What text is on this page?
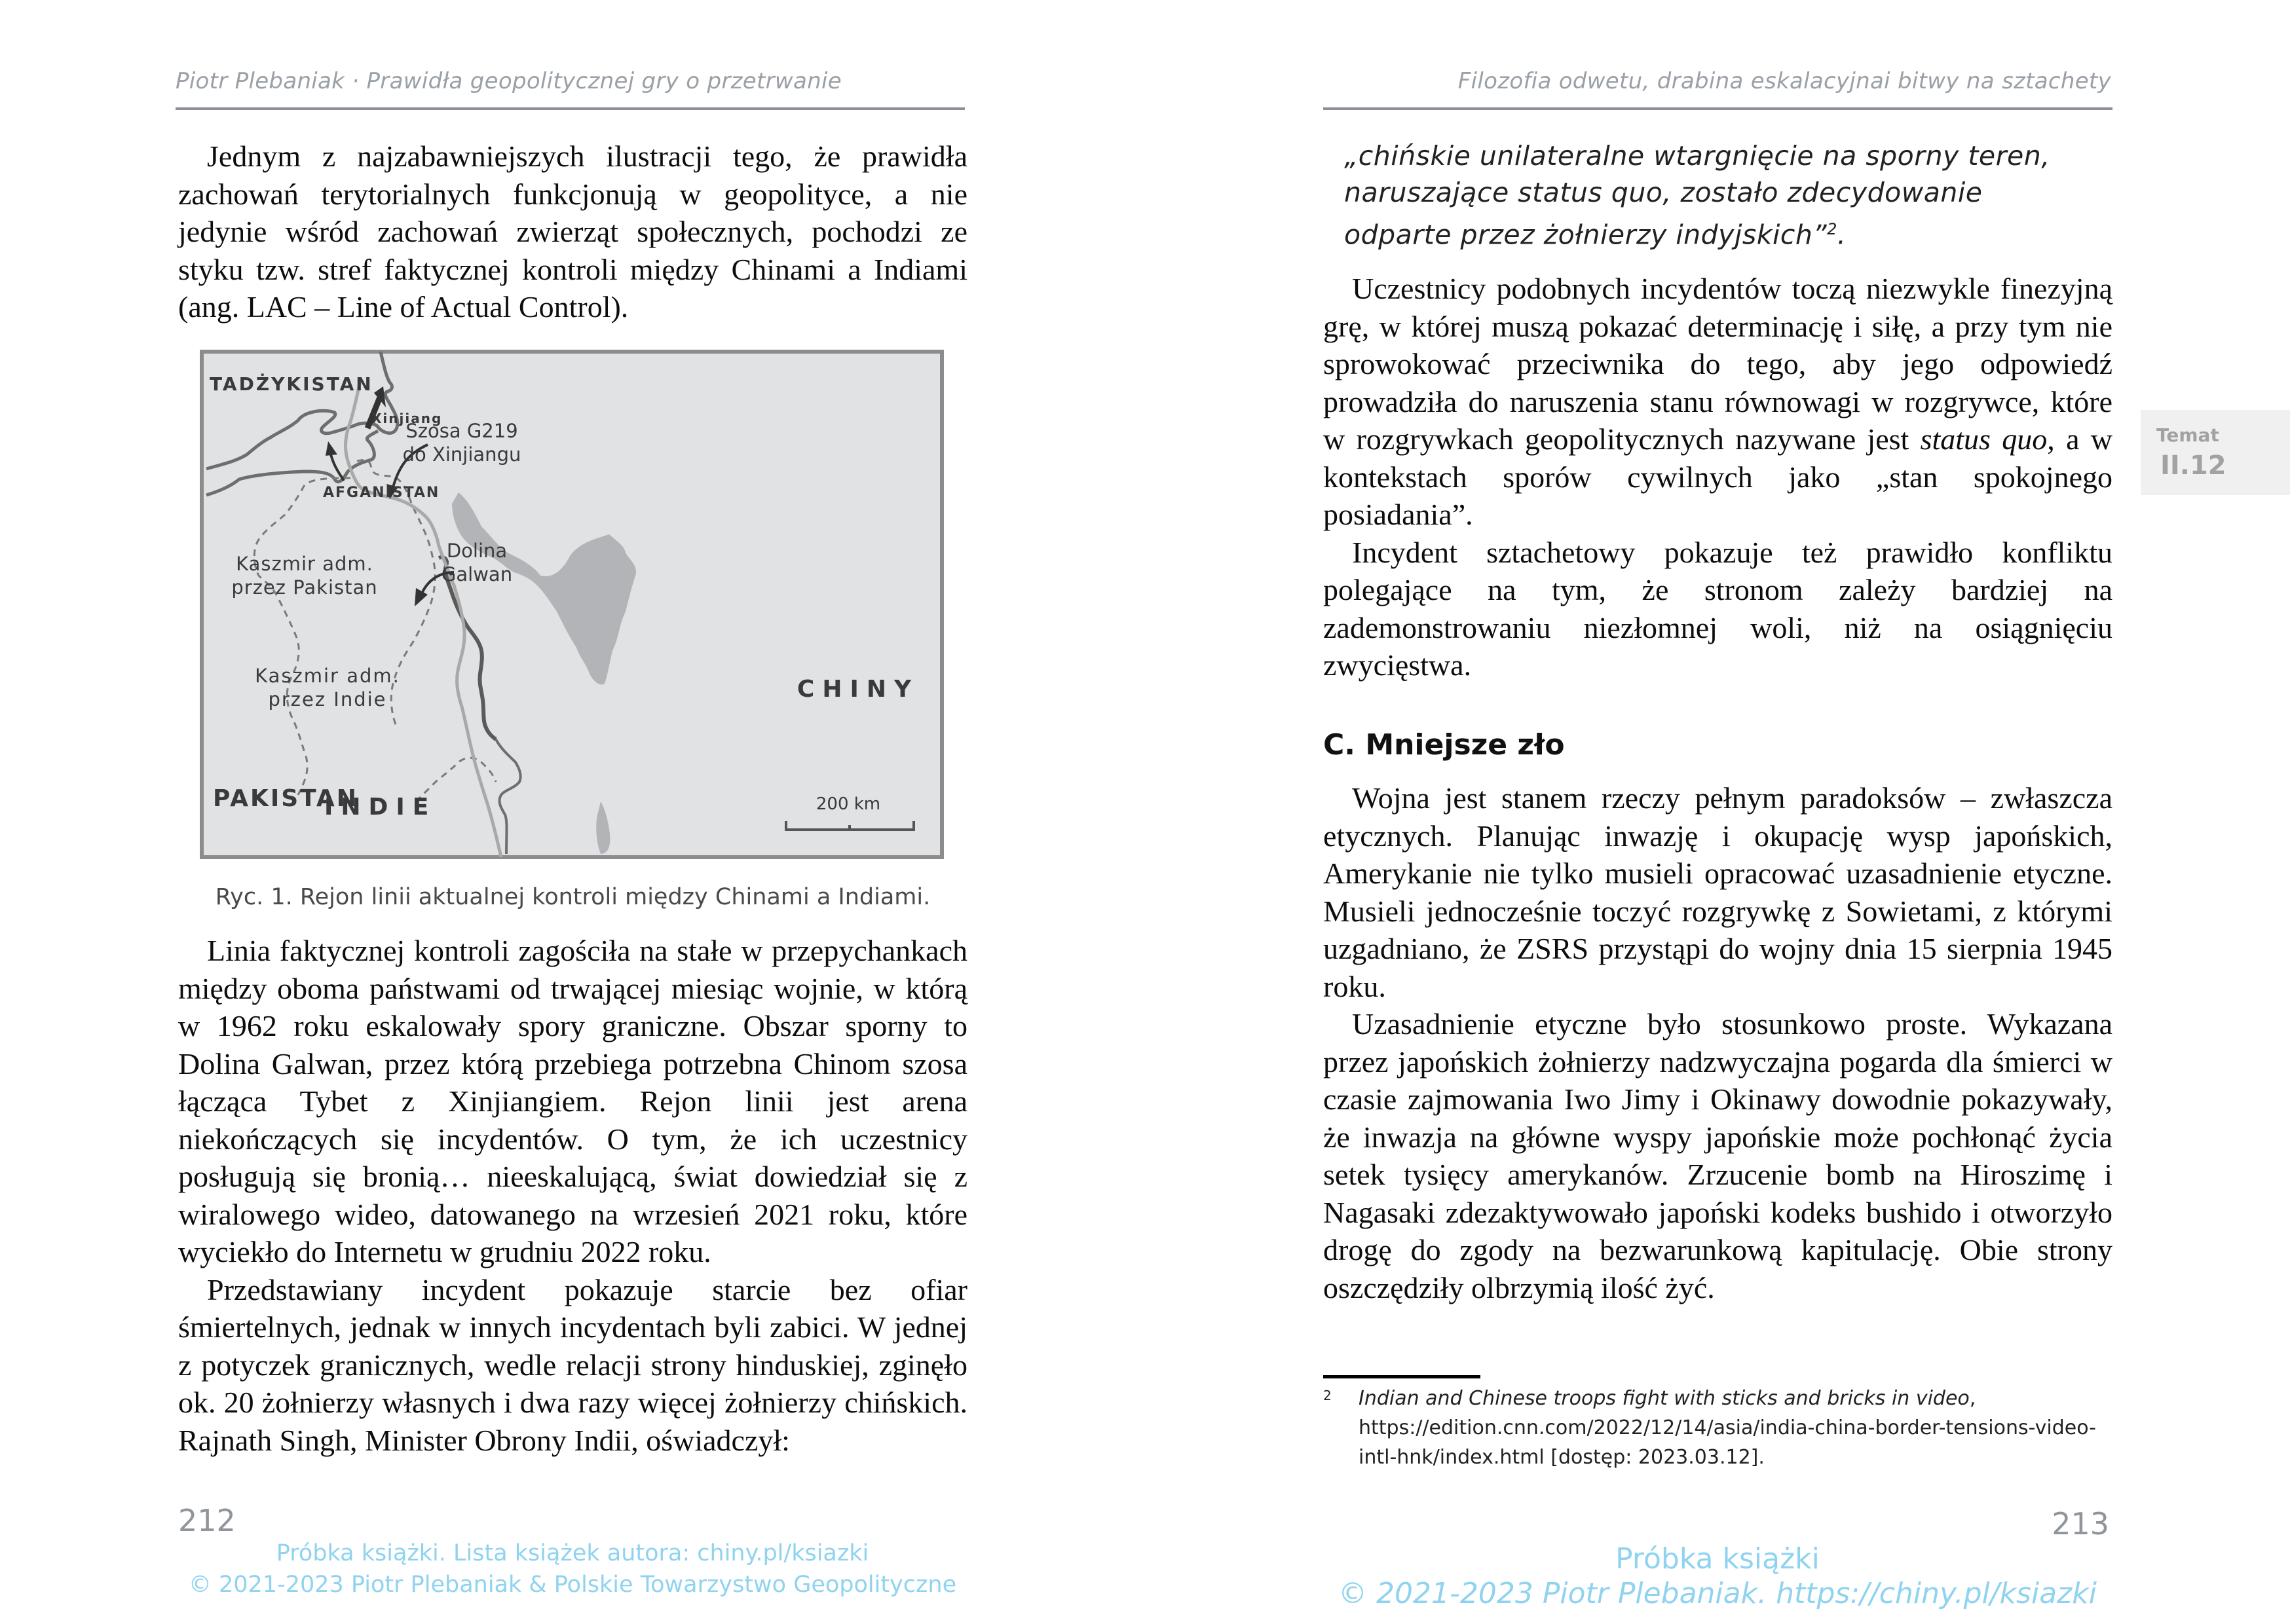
Piotr Plebaniak · Prawidła geopolitycznej gry o przetrwanie

Jednym z najzabawniejszych ilustracji tego, że prawidła zachowań terytorialnych funkcjonują w geopolityce, a nie jedynie wśród zachowań zwierząt społecznych, pochodzi ze styku tzw. stref faktycznej kontroli między Chinami a Indiami (ang. LAC – Line of Actual Control).

TADŻYKISTAN
AFGANISTAN
Xinjiang
Szosa G219
do Xinjiangu
Dolina
Galwan
Kaszmir adm.
przez Pakistan
Kaszmir adm.
przez Indie	CHINY
PAKISTAN
INDIE	200 km
Ryc. 1. Rejon linii aktualnej kontroli między Chinami a Indiami.

Linia faktycznej kontroli zagościła na stałe w przepychankach między oboma państwami od trwającej miesiąc wojnie, w którą w 1962 roku eskalowały spory graniczne. Obszar sporny to Dolina Galwan, przez którą przebiega potrzebna Chinom szosa łącząca Tybet z Xinjiangiem. Rejon linii jest arena niekończących się incydentów. O tym, że ich uczestnicy posługują się bronią… nieeskalującą, świat dowiedział się z wiralowego wideo, datowanego na wrzesień 2021 roku, które wyciekło do Internetu w grudniu 2022 roku.

Przedstawiany incydent pokazuje starcie bez ofiar śmiertelnych, jednak w innych incydentach byli zabici. W jednej z potyczek granicznych, wedle relacji strony hinduskiej, zginęło ok. 20 żołnierzy własnych i dwa razy więcej żołnierzy chińskich. Rajnath Singh, Minister Obrony Indii, oświadczył:

212
Próbka książki. Lista książek autora: chiny.pl/ksiazki
© 2021-2023 Piotr Plebaniak & Polskie Towarzystwo Geopolityczne
Filozofia odwetu, drabina eskalacyjnai bitwy na sztachety
„chińskie unilateralne wtargnięcie na sporny teren, naruszające status quo, zostało zdecydowanie odparte przez żołnierzy indyjskich”$^2$.

Uczestnicy podobnych incydentów toczą niezwykle finezyjną grę, w której muszą pokazać determinację i siłę, a przy tym nie sprowokować przeciwnika do tego, aby jego odpowiedź prowadziła do naruszenia stanu równowagi w rozgrywce, które w rozgrywkach geopolitycznych nazywane jest status quo, a w kontekstach sporów cywilnych jako „stan spokojnego posiadania”.

Incydent sztachetowy pokazuje też prawidło konfliktu polegające na tym, że stronom zależy bardziej na zademonstrowaniu niezłomnej woli, niż na osiągnięciu zwycięstwa.

C. Mniejsze zło

Wojna jest stanem rzeczy pełnym paradoksów – zwłaszcza etycznych. Planując inwazję i okupację wysp japońskich, Amerykanie nie tylko musieli opracować uzasadnienie etyczne. Musieli jednocześnie toczyć rozgrywkę z Sowietami, z którymi uzgadniano, że ZSRS przystąpi do wojny dnia 15 sierpnia 1945 roku.

Uzasadnienie etyczne było stosunkowo proste. Wykazana przez japońskich żołnierzy nadzwyczajna pogarda dla śmierci w czasie zajmowania Iwo Jimy i Okinawy dowodnie pokazywały, że inwazja na główne wyspy japońskie może pochłonąć życia setek tysięcy amerykanów. Zrzucenie bomb na Hiroszimę i Nagasaki zdezaktywowało japoński kodeks bushido i otworzyło drogę do zgody na bezwarunkową kapitulację. Obie strony oszczędziły olbrzymią ilość żyć.

2 Indian and Chinese troops fight with sticks and bricks in video, https://edition.cnn.com/2022/12/14/asia/india-china-border-tensions-video-intl-hnk/index.html [dostęp: 2023.03.12].
Temat
II.12
213
Próbka książki
© 2021-2023 Piotr Plebaniak. https://chiny.pl/ksiazki
